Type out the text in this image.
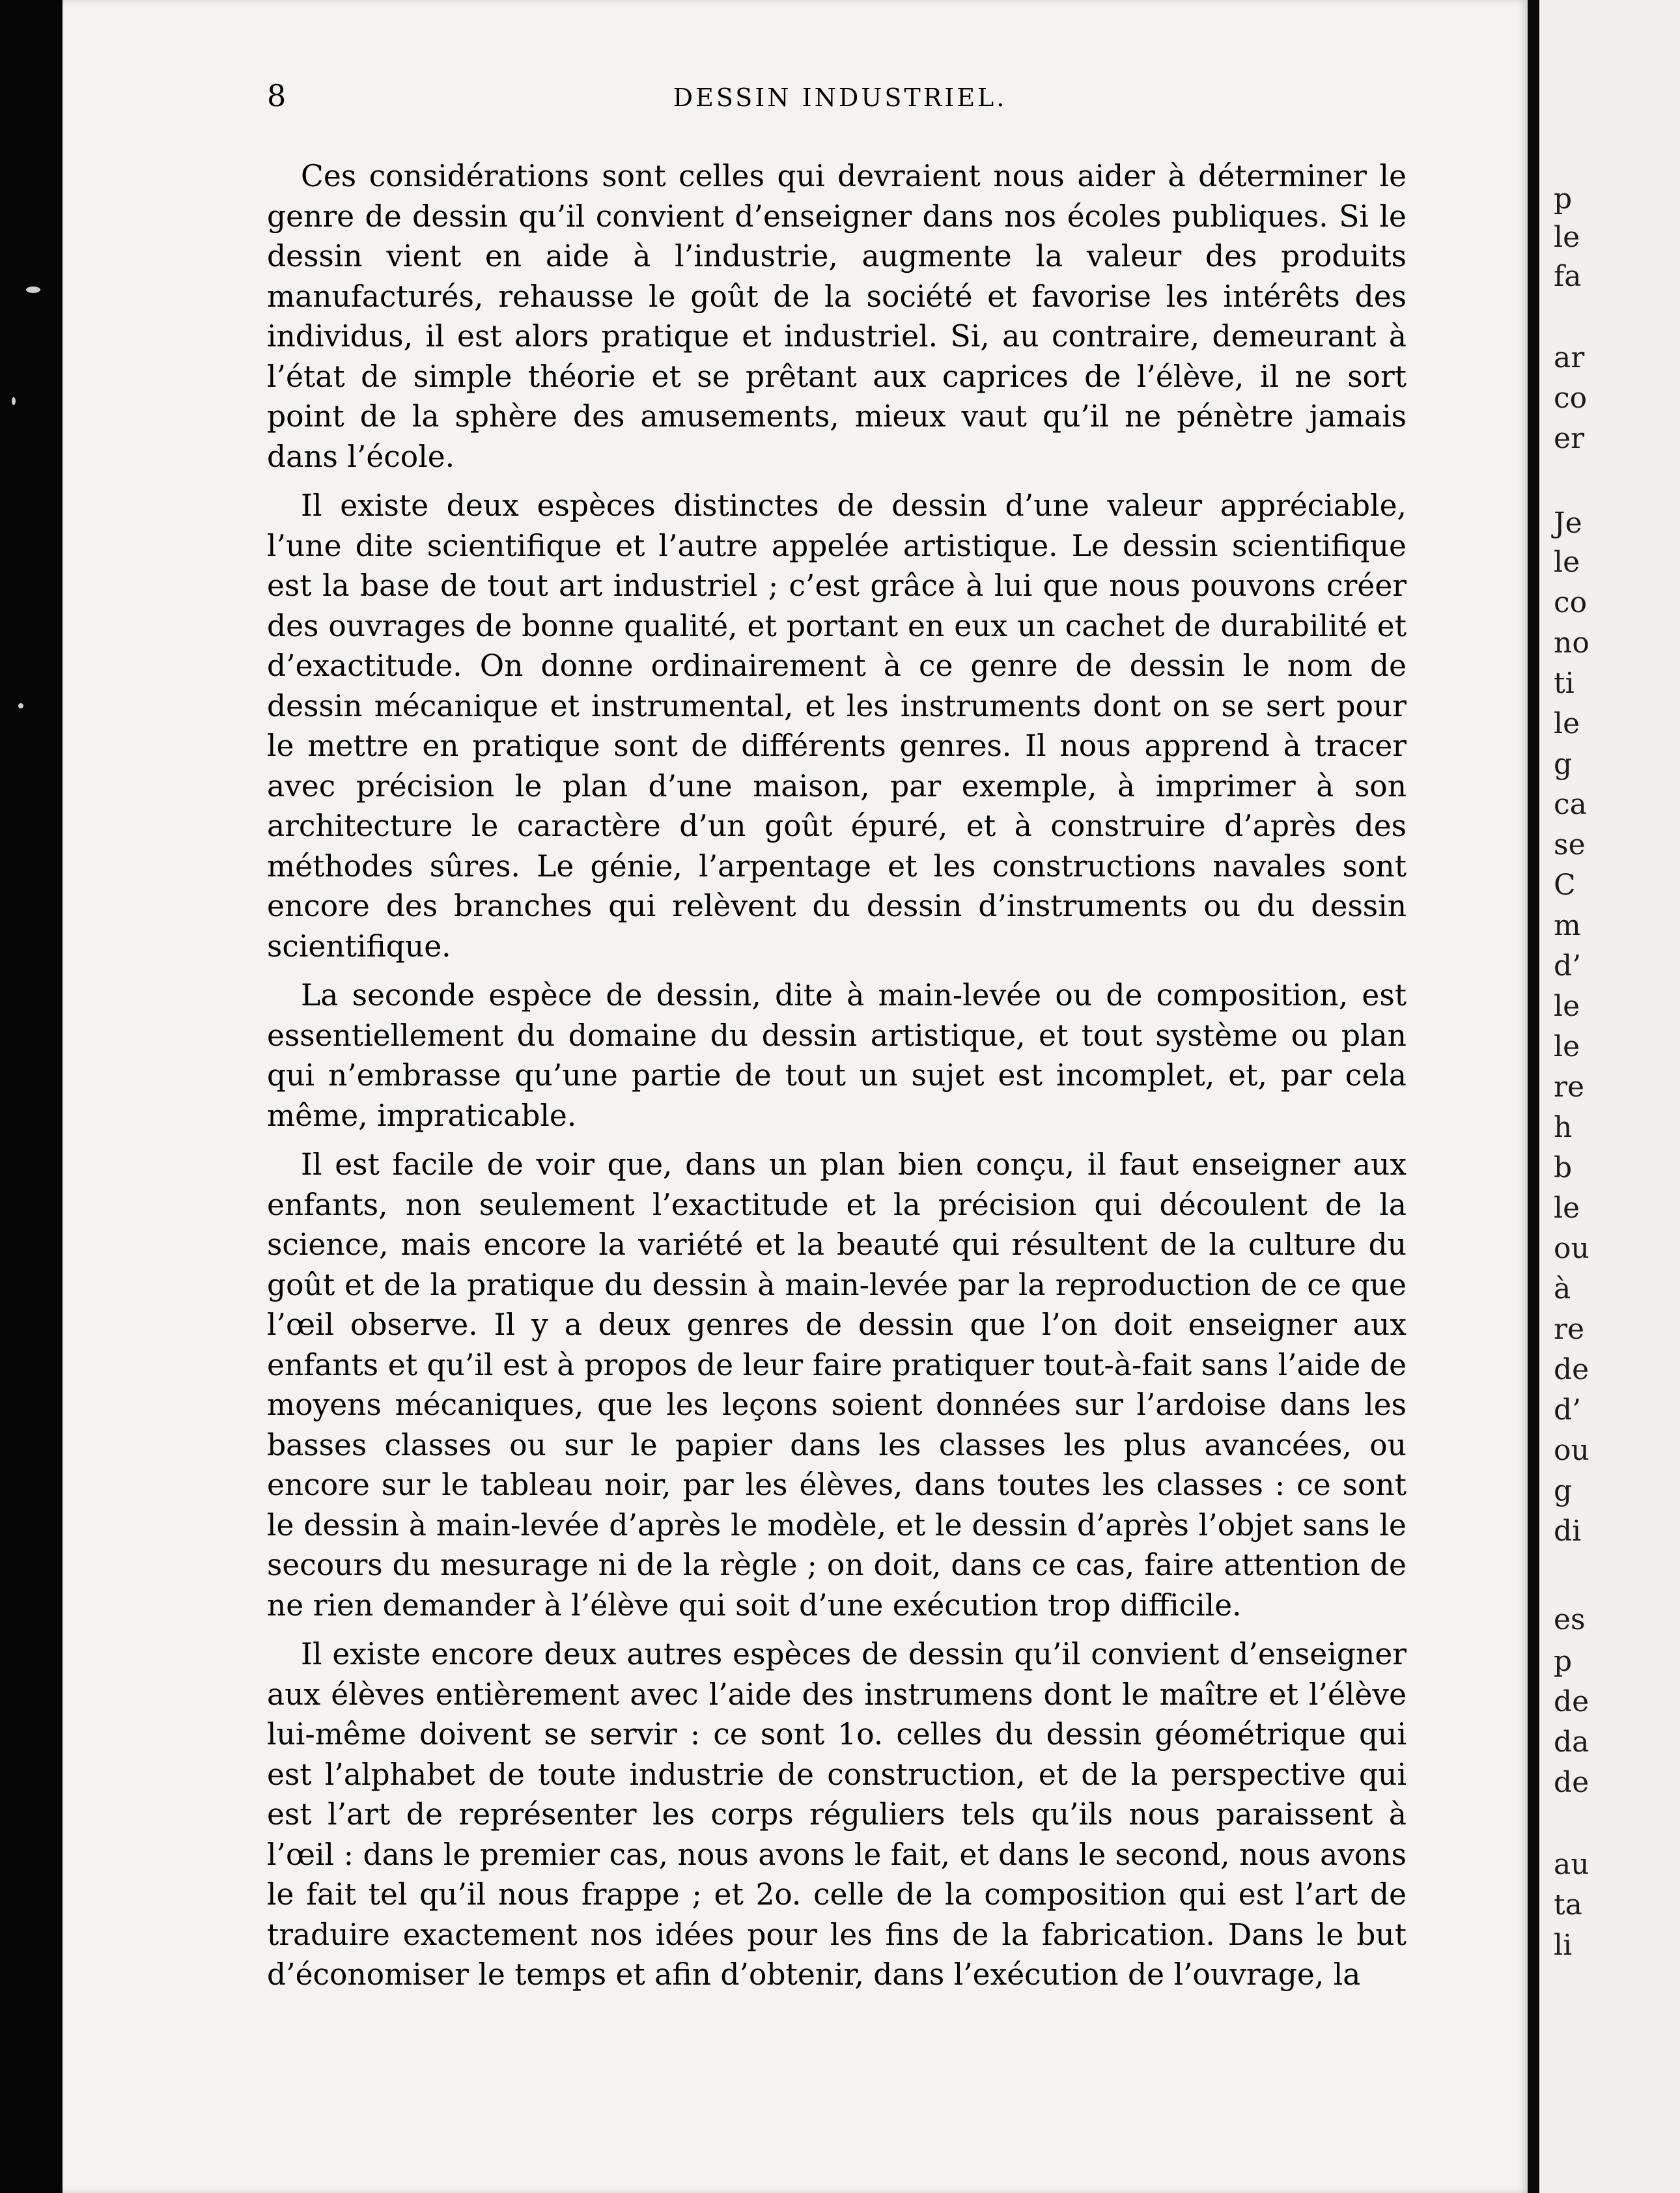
8	DESSIN INDUSTRIEL.

Ces considérations sont celles qui devraient nous aider à déterminer le genre de dessin qu’il convient d’enseigner dans nos écoles publiques. Si le dessin vient en aide à l’industrie, augmente la valeur des produits manufacturés, rehausse le goût de la société et favorise les intérêts des individus, il est alors pratique et industriel. Si, au contraire, demeurant à l’état de simple théorie et se prêtant aux caprices de l’élève, il ne sort point de la sphère des amusements, mieux vaut qu’il ne pénètre jamais dans l’école.

Il existe deux espèces distinctes de dessin d’une valeur appréciable, l’une dite scientifique et l’autre appelée artistique. Le dessin scientifique est la base de tout art industriel ; c’est grâce à lui que nous pouvons créer des ouvrages de bonne qualité, et portant en eux un cachet de durabilité et d’exactitude. On donne ordinairement à ce genre de dessin le nom de dessin mécanique et instrumental, et les instruments dont on se sert pour le mettre en pratique sont de différents genres. Il nous apprend à tracer avec précision le plan d’une maison, par exemple, à imprimer à son architecture le caractère d’un goût épuré, et à construire d’après des méthodes sûres. Le génie, l’arpentage et les constructions navales sont encore des branches qui relèvent du dessin d’instruments ou du dessin scientifique.

La seconde espèce de dessin, dite à main-levée ou de composition, est essentiellement du domaine du dessin artistique, et tout système ou plan qui n’embrasse qu’une partie de tout un sujet est incomplet, et, par cela même, impraticable.

Il est facile de voir que, dans un plan bien conçu, il faut enseigner aux enfants, non seulement l’exactitude et la précision qui découlent de la science, mais encore la variété et la beauté qui résultent de la culture du goût et de la pratique du dessin à main-levée par la reproduction de ce que l’œil observe. Il y a deux genres de dessin que l’on doit enseigner aux enfants et qu’il est à propos de leur faire pratiquer tout-à-fait sans l’aide de moyens mécaniques, que les leçons soient données sur l’ardoise dans les basses classes ou sur le papier dans les classes les plus avancées, ou encore sur le tableau noir, par les élèves, dans toutes les classes : ce sont le dessin à main-levée d’après le modèle, et le dessin d’après l’objet sans le secours du mesurage ni de la règle ; on doit, dans ce cas, faire attention de ne rien demander à l’élève qui soit d’une exécution trop difficile.

Il existe encore deux autres espèces de dessin qu’il convient d’enseigner aux élèves entièrement avec l’aide des instrumens dont le maître et l’élève lui-même doivent se servir : ce sont 1o. celles du dessin géométrique qui est l’alphabet de toute industrie de construction, et de la perspective qui est l’art de représenter les corps réguliers tels qu’ils nous paraissent à l’œil : dans le premier cas, nous avons le fait, et dans le second, nous avons le fait tel qu’il nous frappe ; et 2o. celle de la composition qui est l’art de traduire exactement nos idées pour les fins de la fabrication. Dans le but d’économiser le temps et afin d’obtenir, dans l’exécution de l’ouvrage, la

p
le
fa
ar
co
er
Je
le
co
no
ti
le
g
ca
se
C
m
d’
le
le
re
h
b
le
ou
à
re
de
d’
ou
g
di
es
p
de
da
de
au
ta
li
